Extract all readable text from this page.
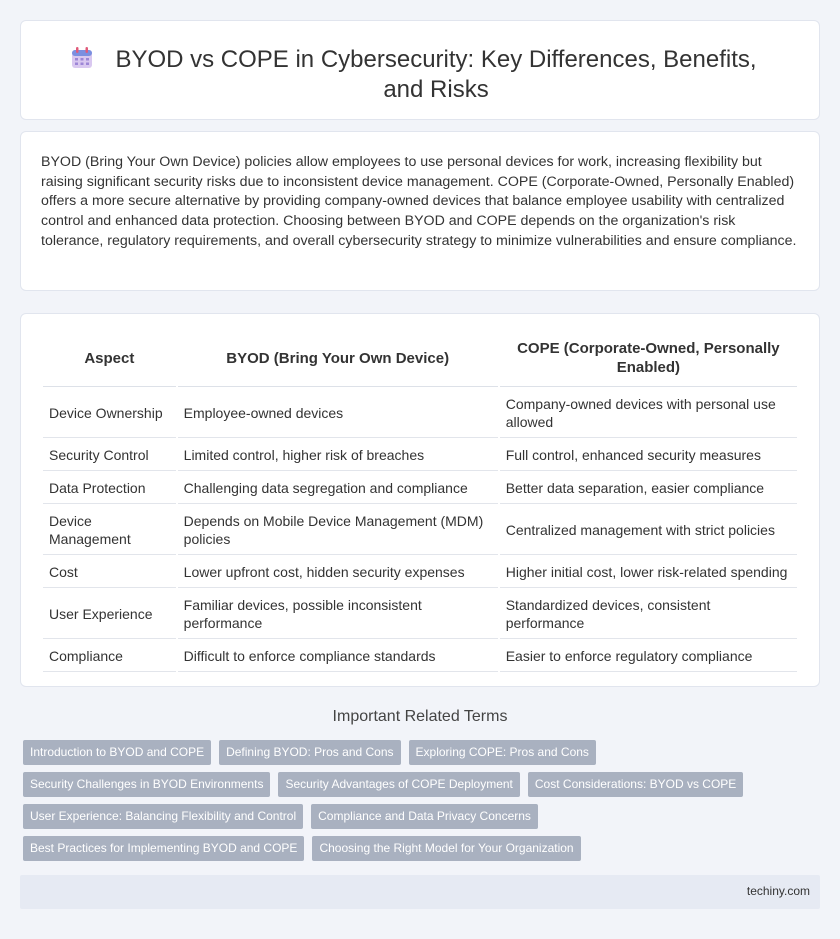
BYOD vs COPE in Cybersecurity: Key Differences, Benefits, and Risks

BYOD (Bring Your Own Device) policies allow employees to use personal devices for work, increasing flexibility but raising significant security risks due to inconsistent device management. COPE (Corporate-Owned, Personally Enabled) offers a more secure alternative by providing company-owned devices that balance employee usability with centralized control and enhanced data protection. Choosing between BYOD and COPE depends on the organization's risk tolerance, regulatory requirements, and overall cybersecurity strategy to minimize vulnerabilities and ensure compliance.

Aspect	BYOD (Bring Your Own Device)	COPE (Corporate-Owned, Personally Enabled)
Device Ownership	Employee-owned devices	Company-owned devices with personal use allowed
Security Control	Limited control, higher risk of breaches	Full control, enhanced security measures
Data Protection	Challenging data segregation and compliance	Better data separation, easier compliance
Device Management	Depends on Mobile Device Management (MDM) policies	Centralized management with strict policies
Cost	Lower upfront cost, hidden security expenses	Higher initial cost, lower risk-related spending
User Experience	Familiar devices, possible inconsistent performance	Standardized devices, consistent performance
Compliance	Difficult to enforce compliance standards	Easier to enforce regulatory compliance
Important Related Terms
Introduction to BYOD and COPE	Defining BYOD: Pros and Cons	Exploring COPE: Pros and Cons
Security Challenges in BYOD Environments	Security Advantages of COPE Deployment	Cost Considerations: BYOD vs COPE
User Experience: Balancing Flexibility and Control	Compliance and Data Privacy Concerns
Best Practices for Implementing BYOD and COPE	Choosing the Right Model for Your Organization
techiny.com
